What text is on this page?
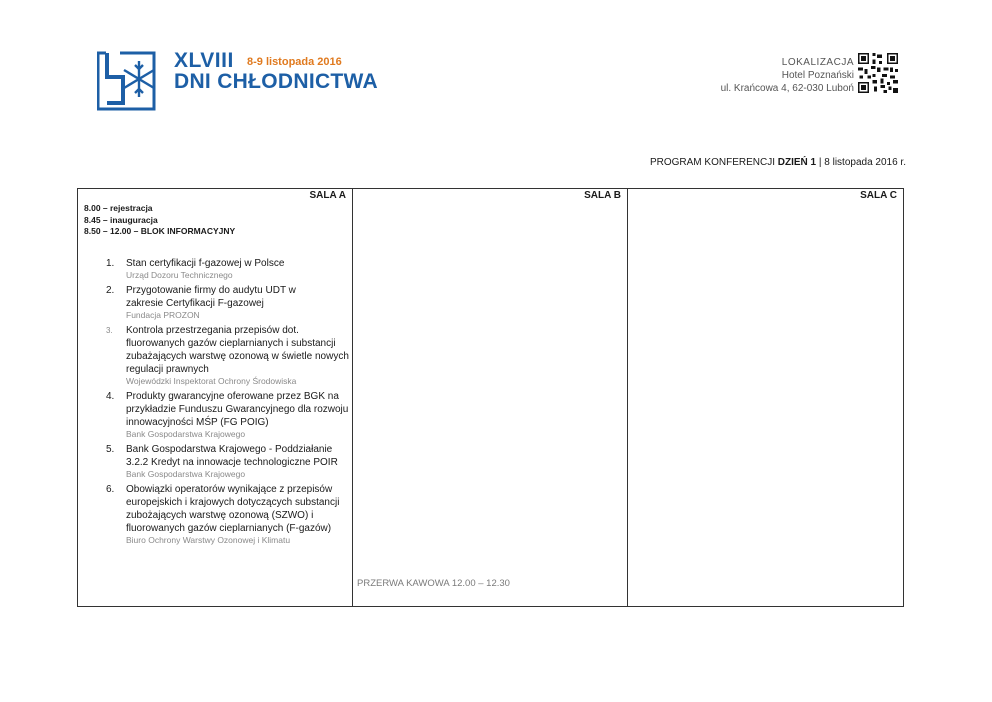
XLVIII 8-9 listopada 2016
DNI CHŁODNICTWA
LOKALIZACJA
Hotel Poznański
ul. Krańcowa 4, 62-030 Luboń
PROGRAM KONFERENCJI DZIEŃ 1 | 8 listopada 2016 r.
SALA A
8.00 – rejestracja
8.45 – inauguracja
8.50 – 12.00 – BLOK INFORMACYJNY
1. Stan certyfikacji f-gazowej w Polsce
Urząd Dozoru Technicznego
2. Przygotowanie firmy do audytu UDT w zakresie Certyfikacji F-gazowej
Fundacja PROZON
3. Kontrola przestrzegania przepisów dot. fluorowanych gazów cieplarnianych i substancji zubażających warstwę ozonową w świetle nowych regulacji prawnych
Wojewódzki Inspektorat Ochrony Środowiska
4. Produkty gwarancyjne oferowane przez BGK na przykładzie Funduszu Gwarancyjnego dla rozwoju innowacyjności MŚP (FG POIG)
Bank Gospodarstwa Krajowego
5. Bank Gospodarstwa Krajowego - Poddziałanie 3.2.2 Kredyt na innowacje technologiczne POIR
Bank Gospodarstwa Krajowego
6. Obowiązki operatorów wynikające z przepisów europejskich i krajowych dotyczących substancji zubożających warstwę ozonową (SZWO) i fluorowanych gazów cieplarnianych (F-gazów)
Biuro Ochrony Warstwy Ozonowej i Klimatu
SALA B
PRZERWA KAWOWA 12.00 – 12.30
SALA C
